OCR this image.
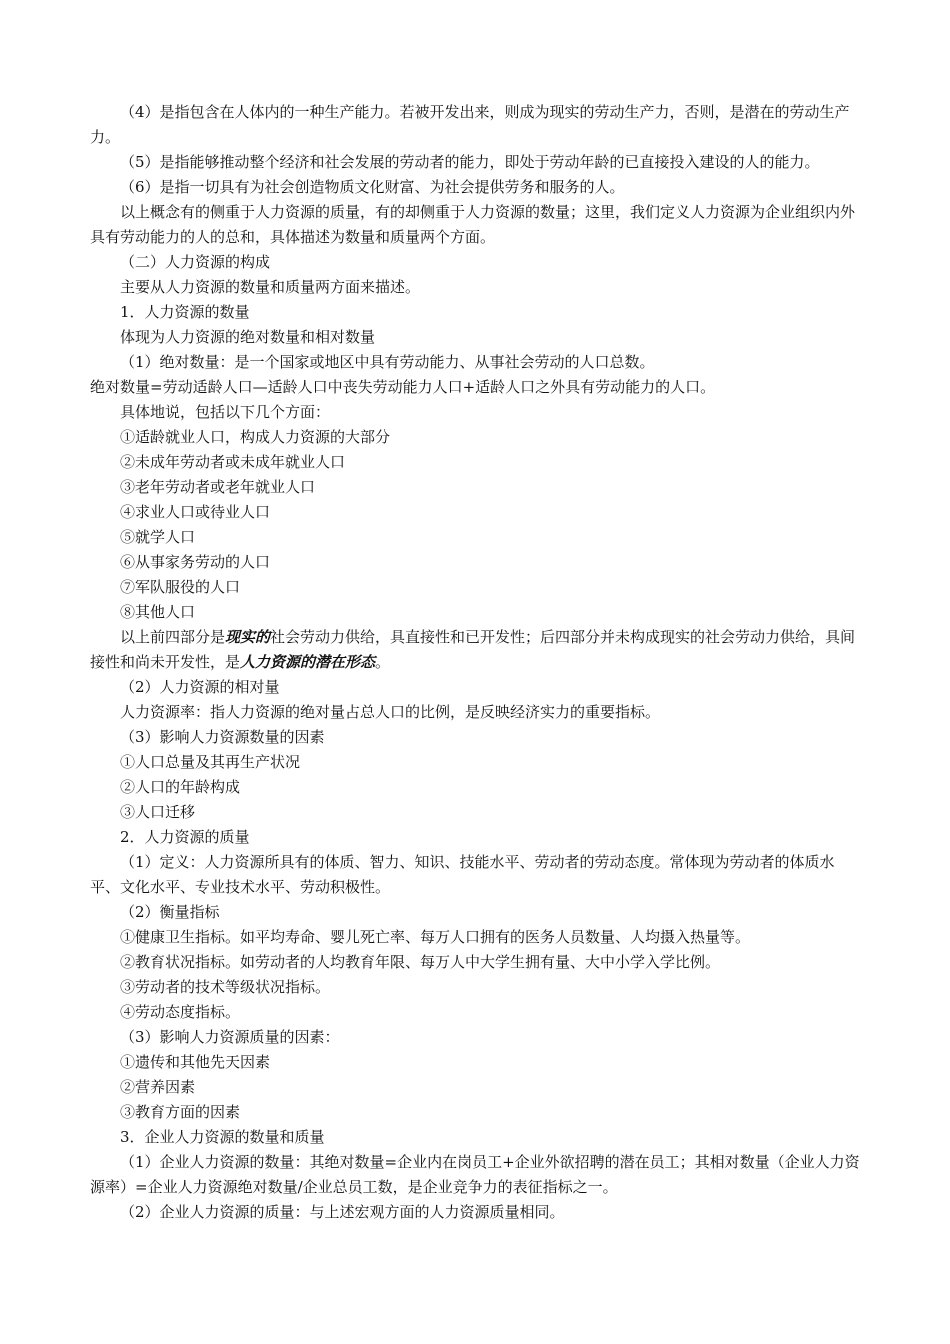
（4）是指包含在人体内的一种生产能力。若被开发出来，则成为现实的劳动生产力，否则，是潜在的劳动生产力。

（5）是指能够推动整个经济和社会发展的劳动者的能力，即处于劳动年龄的已直接投入建设的人的能力。

（6）是指一切具有为社会创造物质文化财富、为社会提供劳务和服务的人。

以上概念有的侧重于人力资源的质量，有的却侧重于人力资源的数量；这里，我们定义人力资源为企业组织内外具有劳动能力的人的总和，具体描述为数量和质量两个方面。

（二）人力资源的构成

主要从人力资源的数量和质量两方面来描述。

1．人力资源的数量

体现为人力资源的绝对数量和相对数量

（1）绝对数量：是一个国家或地区中具有劳动能力、从事社会劳动的人口总数。

绝对数量=劳动适龄人口—适龄人口中丧失劳动能力人口+适龄人口之外具有劳动能力的人口。

具体地说，包括以下几个方面：

①适龄就业人口，构成人力资源的大部分

②未成年劳动者或未成年就业人口

③老年劳动者或老年就业人口

④求业人口或待业人口

⑤就学人口

⑥从事家务劳动的人口

⑦军队服役的人口

⑧其他人口

以上前四部分是现实的社会劳动力供给，具直接性和已开发性；后四部分并未构成现实的社会劳动力供给，具间接性和尚未开发性，是人力资源的潜在形态。

（2）人力资源的相对量

人力资源率：指人力资源的绝对量占总人口的比例，是反映经济实力的重要指标。

（3）影响人力资源数量的因素

①人口总量及其再生产状况

②人口的年龄构成

③人口迁移

2．人力资源的质量

（1）定义：人力资源所具有的体质、智力、知识、技能水平、劳动者的劳动态度。常体现为劳动者的体质水平、文化水平、专业技术水平、劳动积极性。

（2）衡量指标

①健康卫生指标。如平均寿命、婴儿死亡率、每万人口拥有的医务人员数量、人均摄入热量等。

②教育状况指标。如劳动者的人均教育年限、每万人中大学生拥有量、大中小学入学比例。

③劳动者的技术等级状况指标。

④劳动态度指标。

（3）影响人力资源质量的因素：

①遗传和其他先天因素

②营养因素

③教育方面的因素

3．企业人力资源的数量和质量

（1）企业人力资源的数量：其绝对数量=企业内在岗员工+企业外欲招聘的潜在员工；其相对数量（企业人力资源率）=企业人力资源绝对数量/企业总员工数，是企业竞争力的表征指标之一。

（2）企业人力资源的质量：与上述宏观方面的人力资源质量相同。
